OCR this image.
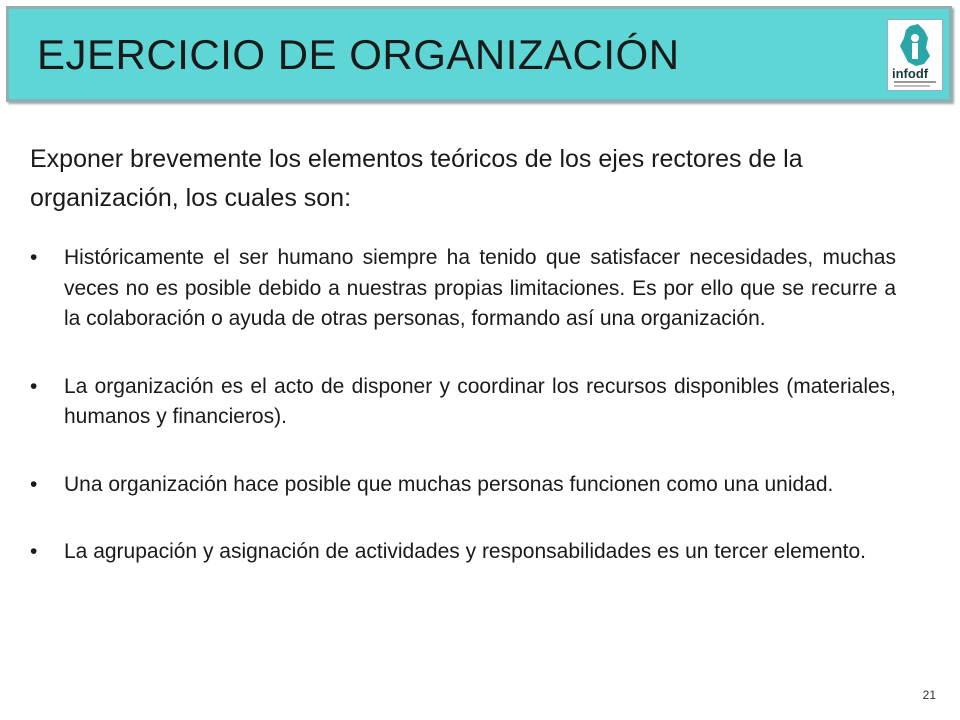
EJERCICIO DE ORGANIZACIÓN	infodf

Exponer brevemente los elementos teóricos de los ejes rectores de la organización, los cuales son:

• Históricamente el ser humano siempre ha tenido que satisfacer necesidades, muchas veces no es posible debido a nuestras propias limitaciones. Es por ello que se recurre a la colaboración o ayuda de otras personas, formando así una organización.
• La organización es el acto de disponer y coordinar los recursos disponibles (materiales, humanos y financieros).
• Una organización hace posible que muchas personas funcionen como una unidad.
• La agrupación y asignación de actividades y responsabilidades es un tercer elemento.
21
